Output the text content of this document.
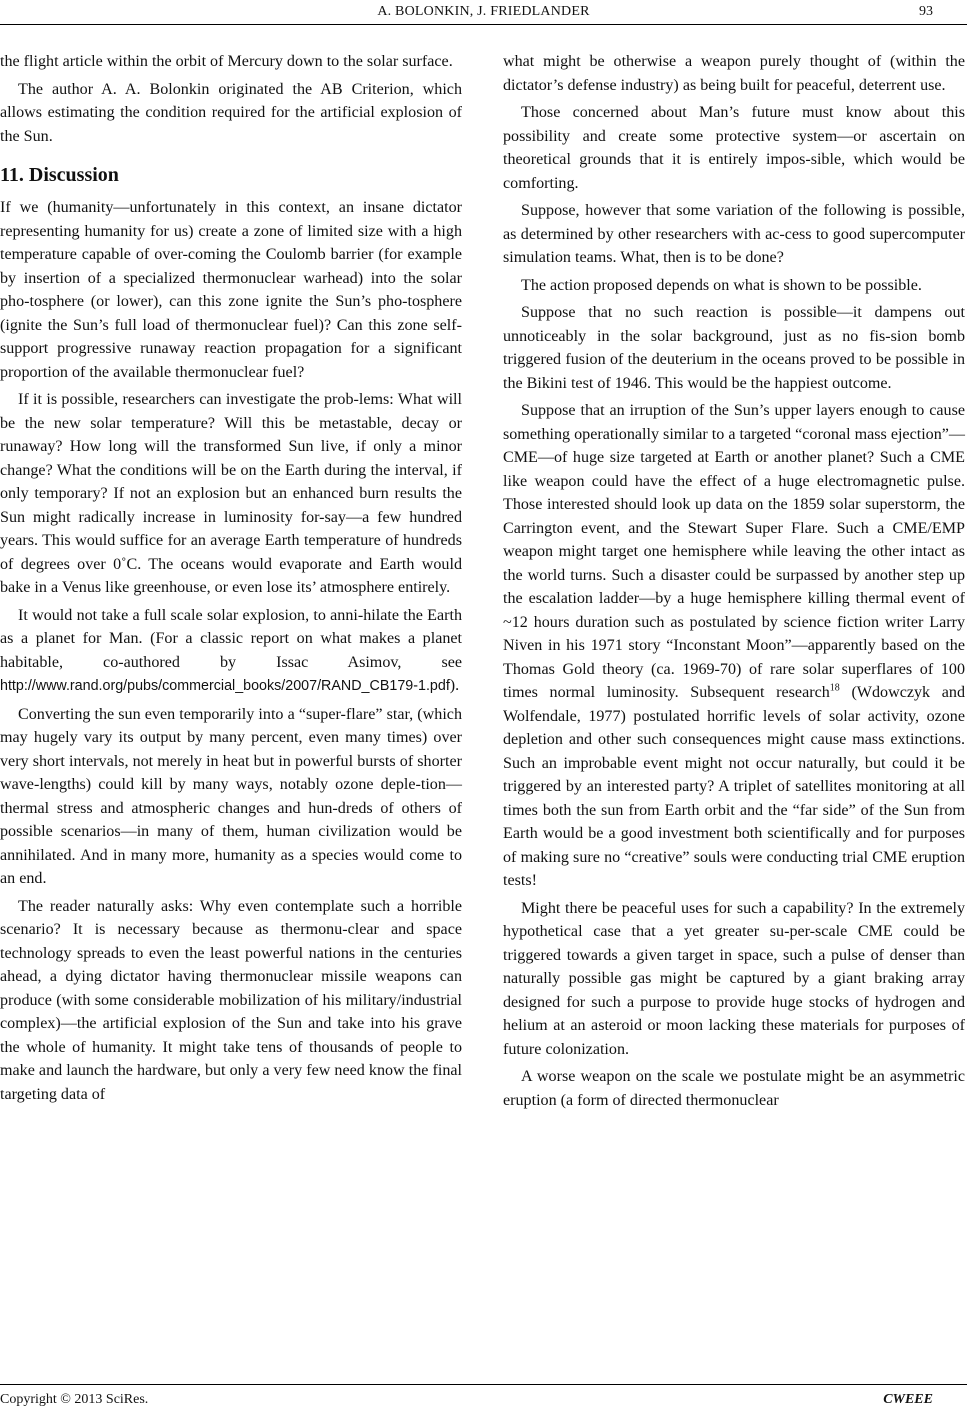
A. BOLONKIN, J. FRIEDLANDER	93

the flight article within the orbit of Mercury down to the solar surface.

The author A. A. Bolonkin originated the AB Criterion, which allows estimating the condition required for the artificial explosion of the Sun.

11. Discussion

If we (humanity—unfortunately in this context, an insane dictator representing humanity for us) create a zone of limited size with a high temperature capable of over-coming the Coulomb barrier (for example by insertion of a specialized thermonuclear warhead) into the solar pho-tosphere (or lower), can this zone ignite the Sun’s pho-tosphere (ignite the Sun’s full load of thermonuclear fuel)? Can this zone self-support progressive runaway reaction propagation for a significant proportion of the available thermonuclear fuel?

If it is possible, researchers can investigate the prob-lems: What will be the new solar temperature? Will this be metastable, decay or runaway? How long will the transformed Sun live, if only a minor change? What the conditions will be on the Earth during the interval, if only temporary? If not an explosion but an enhanced burn results the Sun might radically increase in luminosity for-say—a few hundred years. This would suffice for an average Earth temperature of hundreds of degrees over 0˚C. The oceans would evaporate and Earth would bake in a Venus like greenhouse, or even lose its’ atmosphere entirely.

It would not take a full scale solar explosion, to anni-hilate the Earth as a planet for Man. (For a classic report on what makes a planet habitable, co-authored by Issac Asimov, see http://www.rand.org/pubs/commercial_books/2007/RAND_CB179-1.pdf).

Converting the sun even temporarily into a “super-flare” star, (which may hugely vary its output by many percent, even many times) over very short intervals, not merely in heat but in powerful bursts of shorter wave-lengths) could kill by many ways, notably ozone deple-tion—thermal stress and atmospheric changes and hun-dreds of others of possible scenarios—in many of them, human civilization would be annihilated. And in many more, humanity as a species would come to an end.

The reader naturally asks: Why even contemplate such a horrible scenario? It is necessary because as thermonu-clear and space technology spreads to even the least powerful nations in the centuries ahead, a dying dictator having thermonuclear missile weapons can produce (with some considerable mobilization of his military/industrial complex)—the artificial explosion of the Sun and take into his grave the whole of humanity. It might take tens of thousands of people to make and launch the hardware, but only a very few need know the final targeting data of

what might be otherwise a weapon purely thought of (within the dictator’s defense industry) as being built for peaceful, deterrent use.

Those concerned about Man’s future must know about this possibility and create some protective system—or ascertain on theoretical grounds that it is entirely impos-sible, which would be comforting.

Suppose, however that some variation of the following is possible, as determined by other researchers with ac-cess to good supercomputer simulation teams. What, then is to be done?

The action proposed depends on what is shown to be possible.

Suppose that no such reaction is possible—it dampens out unnoticeably in the solar background, just as no fis-sion bomb triggered fusion of the deuterium in the oceans proved to be possible in the Bikini test of 1946. This would be the happiest outcome.

Suppose that an irruption of the Sun’s upper layers enough to cause something operationally similar to a targeted “coronal mass ejection”—CME—of huge size targeted at Earth or another planet? Such a CME like weapon could have the effect of a huge electromagnetic pulse. Those interested should look up data on the 1859 solar superstorm, the Carrington event, and the Stewart Super Flare. Such a CME/EMP weapon might target one hemisphere while leaving the other intact as the world turns. Such a disaster could be surpassed by another step up the escalation ladder—by a huge hemisphere killing thermal event of ~12 hours duration such as postulated by science fiction writer Larry Niven in his 1971 story “Inconstant Moon”—apparently based on the Thomas Gold theory (ca. 1969-70) of rare solar superflares of 100 times normal luminosity. Subsequent research$^{18}$ (Wdowczyk and Wolfendale, 1977) postulated horrific levels of solar activity, ozone depletion and other such consequences might cause mass extinctions. Such an improbable event might not occur naturally, but could it be triggered by an interested party? A triplet of satellites monitoring at all times both the sun from Earth orbit and the “far side” of the Sun from Earth would be a good investment both scientifically and for purposes of making sure no “creative” souls were conducting trial CME eruption tests!

Might there be peaceful uses for such a capability? In the extremely hypothetical case that a yet greater su-per-scale CME could be triggered towards a given target in space, such a pulse of denser than naturally possible gas might be captured by a giant braking array designed for such a purpose to provide huge stocks of hydrogen and helium at an asteroid or moon lacking these materials for purposes of future colonization.

A worse weapon on the scale we postulate might be an asymmetric eruption (a form of directed thermonuclear

Copyright © 2013 SciRes.	CWEEE
